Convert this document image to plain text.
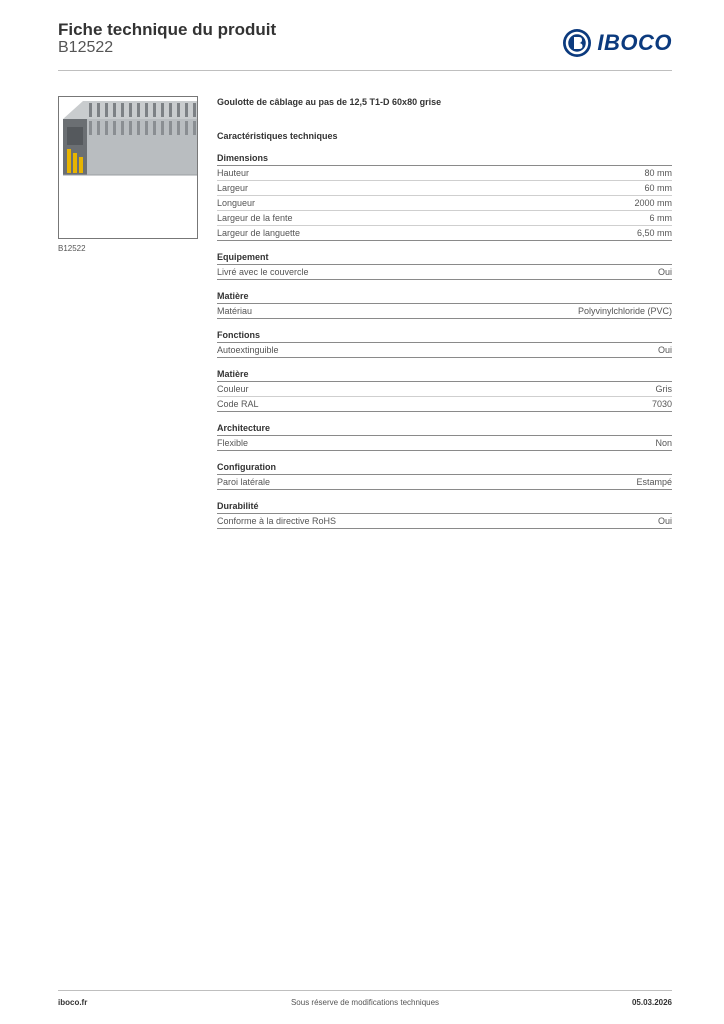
Fiche technique du produit
B12522	IBOCO
B12522
Goulotte de câblage au pas de 12,5 T1-D 60x80 grise
Caractéristiques techniques
Dimensions
Hauteur	80 mm
Largeur	60 mm
Longueur	2000 mm
Largeur de la fente	6 mm
Largeur de languette	6,50 mm
Equipement
Livré avec le couvercle	Oui
Matière
Matériau	Polyvinylchloride (PVC)
Fonctions
Autoextinguible	Oui
Matière
Couleur	Gris
Code RAL	7030
Architecture
Flexible	Non
Configuration
Paroi latérale	Estampé
Durabilité
Conforme à la directive RoHS	Oui
iboco.fr	Sous réserve de modifications techniques	05.03.2026
